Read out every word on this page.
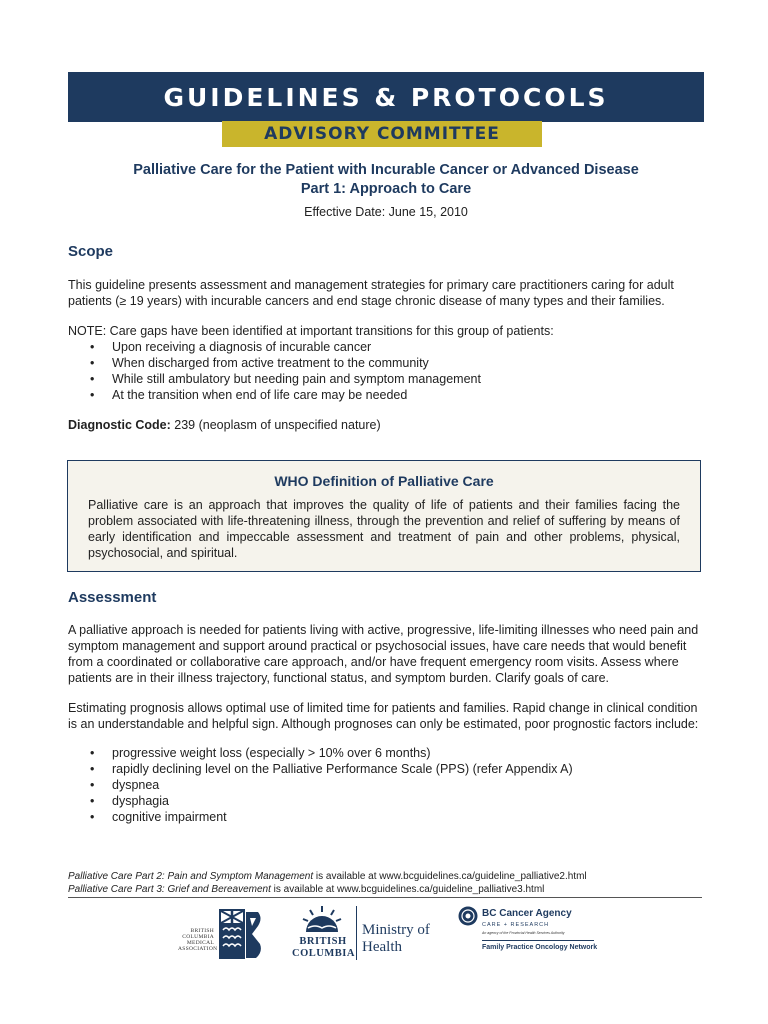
GUIDELINES & PROTOCOLS
ADVISORY COMMITTEE
Palliative Care for the Patient with Incurable Cancer or Advanced Disease
Part 1: Approach to Care
Effective Date: June 15, 2010
Scope

This guideline presents assessment and management strategies for primary care practitioners caring for adult patients (≥ 19 years) with incurable cancers and end stage chronic disease of many types and their families.

NOTE: Care gaps have been identified at important transitions for this group of patients:

• Upon receiving a diagnosis of incurable cancer
• When discharged from active treatment to the community
• While still ambulatory but needing pain and symptom management
• At the transition when end of life care may be needed

Diagnostic Code: 239 (neoplasm of unspecified nature)

WHO Definition of Palliative Care

Palliative care is an approach that improves the quality of life of patients and their families facing the problem associated with life-threatening illness, through the prevention and relief of suffering by means of early identification and impeccable assessment and treatment of pain and other problems, physical, psychosocial, and spiritual.

Assessment

A palliative approach is needed for patients living with active, progressive, life-limiting illnesses who need pain and symptom management and support around practical or psychosocial issues, have care needs that would benefit from a coordinated or collaborative care approach, and/or have frequent emergency room visits. Assess where patients are in their illness trajectory, functional status, and symptom burden. Clarify goals of care.

Estimating prognosis allows optimal use of limited time for patients and families. Rapid change in clinical condition is an understandable and helpful sign. Although prognoses can only be estimated, poor prognostic factors include:

• progressive weight loss (especially > 10% over 6 months)
• rapidly declining level on the Palliative Performance Scale (PPS) (refer Appendix A)
• dyspnea
• dysphagia
• cognitive impairment
Palliative Care Part 2: Pain and Symptom Management is available at www.bcguidelines.ca/guideline_palliative2.html
Palliative Care Part 3: Grief and Bereavement is available at www.bcguidelines.ca/guideline_palliative3.html
BRITISH
COLUMBIA
MEDICAL
ASSOCIATION
BRITISH
COLUMBIA
Ministry of
Health
BC Cancer Agency
CARE + RESEARCH
An agency of the Provincial Health Services Authority
Family Practice Oncology Network
